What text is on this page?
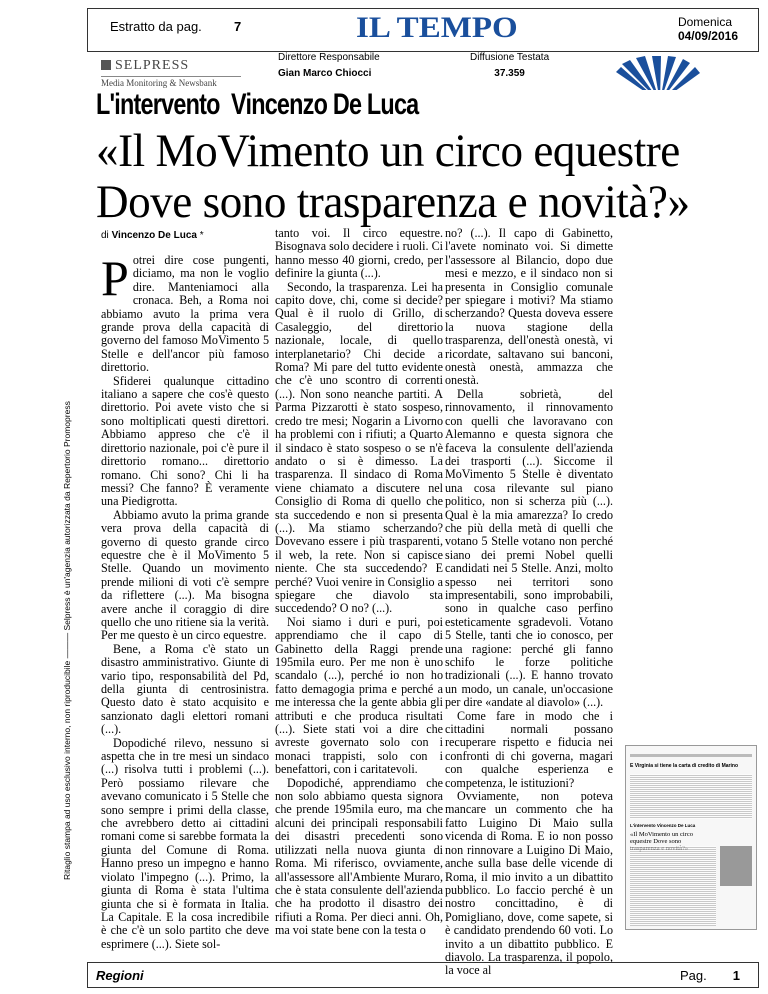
Estratto da pag. 7	IL TEMPO	Domenica
04/09/2016
SELPRESS
Media Monitoring & Newsbank
Direttore Responsabile
Gian Marco Chiocci
Diffusione Testata
37.359
Ritaglio stampa ad uso esclusivo interno, non riproducibile ——— Selpress è un'agenzia autorizzata da Repertorio Promopress
L'intervento Vincenzo De Luca
«Il MoVimento un circo equestre
Dove sono trasparenza e novità?»
di Vincenzo De Luca *
P otrei dire cose pungenti, diciamo, ma non le voglio dire. Manteniamoci alla cronaca. Beh, a Roma noi abbiamo avuto la prima vera grande prova della capacità di governo del famoso MoVimento 5 Stelle e dell'ancor più famoso direttorio.

Sfiderei qualunque cittadino italiano a sapere che cos'è questo direttorio. Poi avete visto che si sono moltiplicati questi direttori. Abbiamo appreso che c'è il direttorio nazionale, poi c'è pure il direttorio romano... direttorio romano. Chi sono? Chi li ha messi? Che fanno? È veramente una Piedigrotta.

Abbiamo avuto la prima grande vera prova della capacità di governo di questo grande circo equestre che è il MoVimento 5 Stelle. Quando un movimento prende milioni di voti c'è sempre da riflettere (...). Ma bisogna avere anche il coraggio di dire quello che uno ritiene sia la verità. Per me questo è un circo equestre.

Bene, a Roma c'è stato un disastro amministrativo. Giunte di vario tipo, responsabilità del Pd, della giunta di centrosinistra. Questo dato è stato acquisito e sanzionato dagli elettori romani (...).

Dopodiché rilevo, nessuno si aspetta che in tre mesi un sindaco (...) risolva tutti i problemi (...). Però possiamo rilevare che avevano comunicato i 5 Stelle che sono sempre i primi della classe, che avrebbero detto ai cittadini romani come si sarebbe formata la giunta del Comune di Roma. Hanno preso un impegno e hanno violato l'impegno (...). Primo, la giunta di Roma è stata l'ultima giunta che si è formata in Italia. La Capitale. E la cosa incredibile è che c'è un solo partito che deve esprimere (...). Siete sol-

tanto voi. Il circo equestre. Bisognava solo decidere i ruoli. Ci hanno messo 40 giorni, credo, per definire la giunta (...).

Secondo, la trasparenza. Lei ha capito dove, chi, come si decide? Qual è il ruolo di Grillo, di Casaleggio, del direttorio nazionale, locale, di quello interplanetario? Chi decide a Roma? Mi pare del tutto evidente che c'è uno scontro di correnti (...). Non sono neanche partiti. A Parma Pizzarotti è stato sospeso, credo tre mesi; Nogarin a Livorno ha problemi con i rifiuti; a Quarto il sindaco è stato sospeso o se n'è andato o si è dimesso. La trasparenza. Il sindaco di Roma viene chiamato a discutere nel Consiglio di Roma di quello che sta succedendo e non si presenta (...). Ma stiamo scherzando? Dovevano essere i più trasparenti, il web, la rete. Non si capisce niente. Che sta succedendo? E perché? Vuoi venire in Consiglio a spiegare che diavolo sta succedendo? O no? (...).

Noi siamo i duri e puri, poi apprendiamo che il capo di Gabinetto della Raggi prende 195mila euro. Per me non è uno scandalo (...), perché io non ho fatto demagogia prima e perché a me interessa che la gente abbia gli attributi e che produca risultati (...). Siete stati voi a dire che avreste governato solo con i monaci trappisti, solo con i benefattori, con i caritatevoli.

Dopodiché, apprendiamo che non solo abbiamo questa signora che prende 195mila euro, ma che alcuni dei principali responsabili dei disastri precedenti sono utilizzati nella nuova giunta di Roma. Mi riferisco, ovviamente, all'assessore all'Ambiente Muraro, che è stata consulente dell'azienda che ha prodotto il disastro dei rifiuti a Roma. Per dieci anni. Oh, ma voi state bene con la testa o

no? (...). Il capo di Gabinetto, l'avete nominato voi. Si dimette l'assessore al Bilancio, dopo due mesi e mezzo, e il sindaco non si presenta in Consiglio comunale per spiegare i motivi? Ma stiamo scherzando? Questa doveva essere la nuova stagione della trasparenza, dell'onestà onestà, vi ricordate, saltavano sui banconi, onestà onestà, ammazza che onestà.

Della sobrietà, del rinnovamento, il rinnovamento con quelli che lavoravano con Alemanno e questa signora che faceva la consulente dell'azienda dei trasporti (...). Siccome il MoVimento 5 Stelle è diventato una cosa rilevante sul piano politico, non si scherza più (...). Qual è la mia amarezza? Io credo che più della metà di quelli che votano 5 Stelle votano non perché siano dei premi Nobel quelli candidati nei 5 Stelle. Anzi, molto spesso nei territori sono impresentabili, sono improbabili, sono in qualche caso perfino esteticamente sgradevoli. Votano 5 Stelle, tanti che io conosco, per una ragione: perché gli fanno schifo le forze politiche tradizionali (...). E hanno trovato un modo, un canale, un'occasione per dire «andate al diavolo» (...).

Come fare in modo che i cittadini normali possano recuperare rispetto e fiducia nei confronti di chi governa, magari con qualche esperienza e competenza, le istituzioni?

Ovviamente, non poteva mancare un commento che ha fatto Luigino Di Maio sulla vicenda di Roma. E io non posso non rinnovare a Luigino Di Maio, anche sulla base delle vicende di Roma, il mio invito a un dibattito pubblico. Lo faccio perché è un nostro concittadino, è di Pomigliano, dove, come sapete, si è candidato prendendo 60 voti. Lo invito a un dibattito pubblico. E diavolo. La trasparenza, il popolo, la voce al

E Virginia si tiene la carta di credito di Marino
L'intervento Vincenzo De Luca
«Il MoVimento un circo equestre Dove sono
Regioni	Pag. 1
